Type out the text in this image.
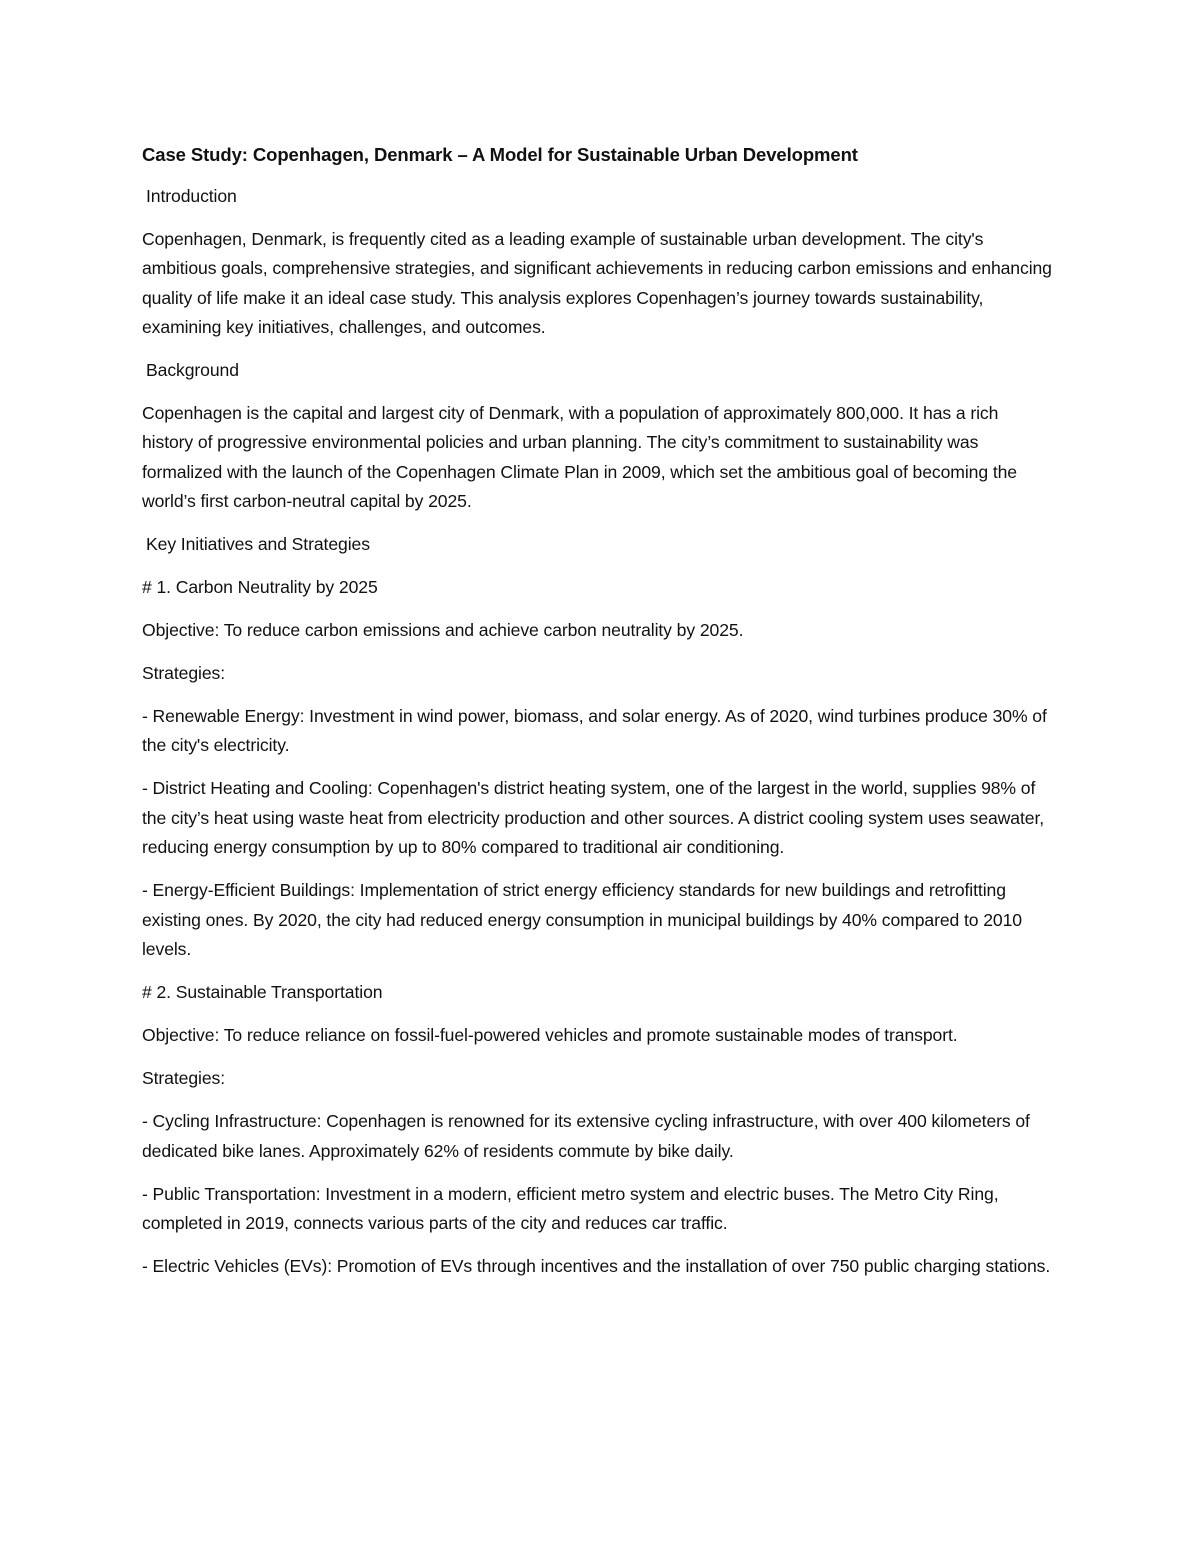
Case Study: Copenhagen, Denmark – A Model for Sustainable Urban Development

Introduction

Copenhagen, Denmark, is frequently cited as a leading example of sustainable urban development. The city's ambitious goals, comprehensive strategies, and significant achievements in reducing carbon emissions and enhancing quality of life make it an ideal case study. This analysis explores Copenhagen’s journey towards sustainability, examining key initiatives, challenges, and outcomes.

Background

Copenhagen is the capital and largest city of Denmark, with a population of approximately 800,000. It has a rich history of progressive environmental policies and urban planning. The city’s commitment to sustainability was formalized with the launch of the Copenhagen Climate Plan in 2009, which set the ambitious goal of becoming the world’s first carbon-neutral capital by 2025.

Key Initiatives and Strategies

# 1. Carbon Neutrality by 2025

Objective: To reduce carbon emissions and achieve carbon neutrality by 2025.

Strategies:

- Renewable Energy: Investment in wind power, biomass, and solar energy. As of 2020, wind turbines produce 30% of the city's electricity.

- District Heating and Cooling: Copenhagen's district heating system, one of the largest in the world, supplies 98% of the city’s heat using waste heat from electricity production and other sources. A district cooling system uses seawater, reducing energy consumption by up to 80% compared to traditional air conditioning.

- Energy-Efficient Buildings: Implementation of strict energy efficiency standards for new buildings and retrofitting existing ones. By 2020, the city had reduced energy consumption in municipal buildings by 40% compared to 2010 levels.

# 2. Sustainable Transportation

Objective: To reduce reliance on fossil-fuel-powered vehicles and promote sustainable modes of transport.

Strategies:

- Cycling Infrastructure: Copenhagen is renowned for its extensive cycling infrastructure, with over 400 kilometers of dedicated bike lanes. Approximately 62% of residents commute by bike daily.

- Public Transportation: Investment in a modern, efficient metro system and electric buses. The Metro City Ring, completed in 2019, connects various parts of the city and reduces car traffic.

- Electric Vehicles (EVs): Promotion of EVs through incentives and the installation of over 750 public charging stations.
